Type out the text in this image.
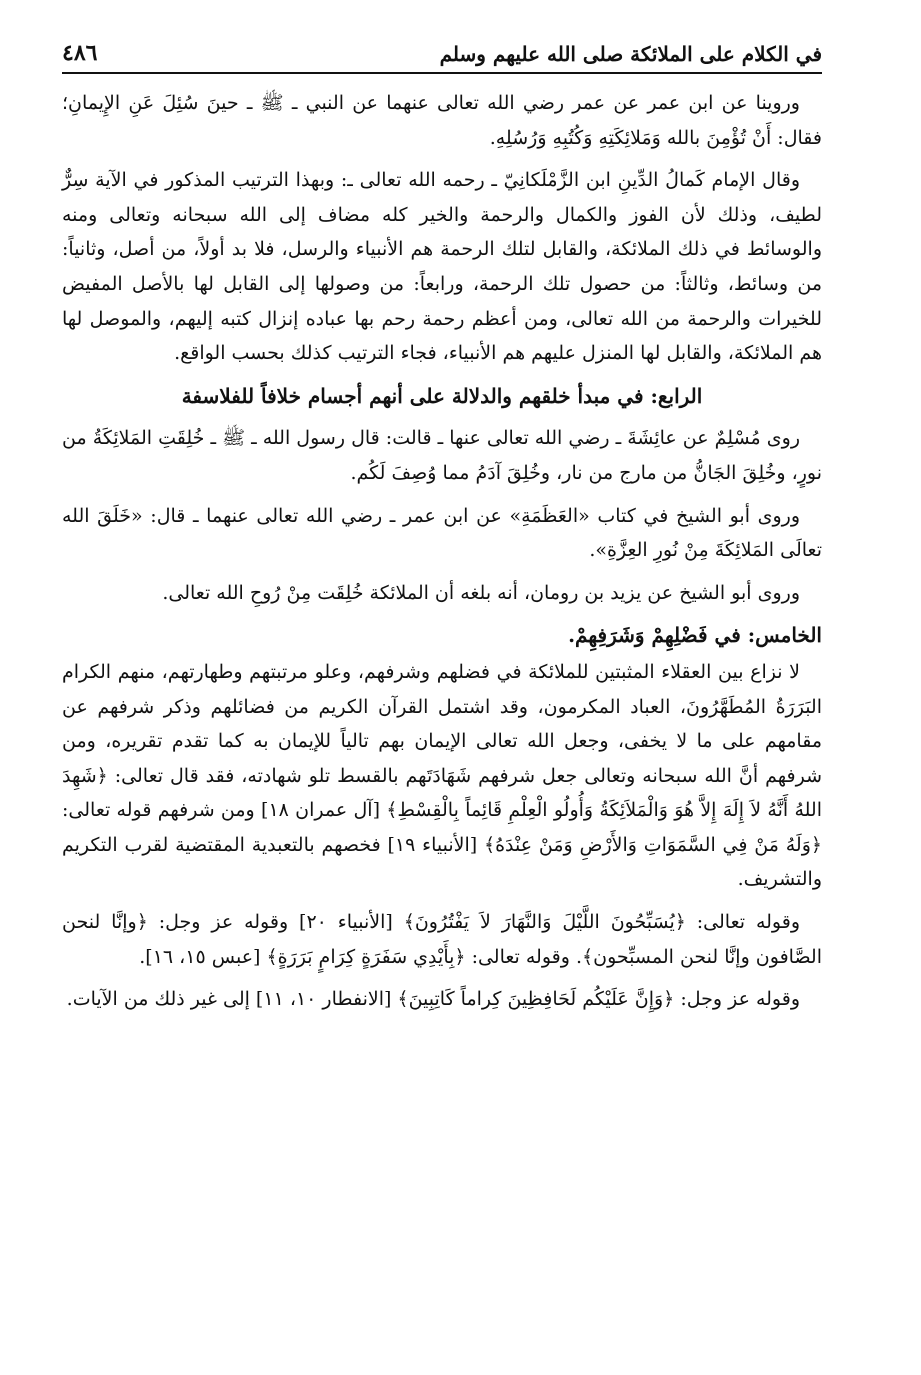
في الكلام على الملائكة صلى الله عليهم وسلم
٤٨٦

وروينا عن ابن عمر عن عمر رضي الله تعالى عنهما عن النبي ـ ﷺ ـ حينَ سُئِلَ عَنِ الإِيمانِ؛ فقال: أَنْ تُؤْمِنَ بالله وَمَلائِكَتِهِ وَكُتُبِهِ وَرُسُلِهِ.

وقال الإمام كَمالُ الدِّينِ ابن الزَّمْلَكانِيّ ـ رحمه الله تعالى ـ: وبهذا الترتيب المذكور في الآية سِرٌّ لطيف، وذلك لأن الفوز والكمال والرحمة والخير كله مضاف إلى الله سبحانه وتعالى ومنه والوسائط في ذلك الملائكة، والقابل لتلك الرحمة هم الأنبياء والرسل، فلا بد أولاً، من أصل، وثانياً: من وسائط، وثالثاً: من حصول تلك الرحمة، ورابعاً: من وصولها إلى القابل لها بالأصل المفيض للخيرات والرحمة من الله تعالى، ومن أعظم رحمة رحم بها عباده إنزال كتبه إليهم، والموصل لها هم الملائكة، والقابل لها المنزل عليهم هم الأنبياء، فجاء الترتيب كذلك بحسب الواقع.

الرابع: في مبدأ خلقهم والدلالة على أنهم أجسام خلافاً للفلاسفة

روى مُسْلِمٌ عن عائِشَةَ ـ رضي الله تعالى عنها ـ قالت: قال رسول الله ـ ﷺ ـ خُلِقَتِ المَلائِكَةُ من نورٍ، وخُلِقَ الجَانُّ من مارج من نار، وخُلِقَ آدَمُ مما وُصِفَ لَكُم.

وروى أبو الشيخ في كتاب «العَظَمَةِ» عن ابن عمر ـ رضي الله تعالى عنهما ـ قال: «خَلَقَ الله تعالَى المَلائِكَةَ مِنْ نُورِ العِزَّةِ».

وروى أبو الشيخ عن يزيد بن رومان، أنه بلغه أن الملائكة خُلِقَت مِنْ رُوحِ الله تعالى.

الخامس: في فَضْلِهِمْ وَشَرَفِهِمْ.

لا نزاع بين العقلاء المثبتين للملائكة في فضلهم وشرفهم، وعلو مرتبتهم وطهارتهم، منهم الكرام البَرَرَةُ المُطَهَّرُونَ، العباد المكرمون، وقد اشتمل القرآن الكريم من فضائلهم وذكر شرفهم عن مقامهم على ما لا يخفى، وجعل الله تعالى الإيمان بهم تالياً للإيمان به كما تقدم تقريره، ومن شرفهم أنَّ الله سبحانه وتعالى جعل شرفهم شَهَادَتَهم بالقسط تلو شهادته، فقد قال تعالى: ﴿شَهِدَ اللهُ أَنَّهُ لاَ إِلَهَ إِلاَّ هُوَ وَالْمَلاَئِكَةُ وَأُولُو الْعِلْمِ قَائِماً بِالْقِسْطِ﴾ [آل عمران ١٨] ومن شرفهم قوله تعالى: ﴿وَلَهُ مَنْ فِي السَّمَوَاتِ وَالأَرْضِ وَمَنْ عِنْدَهُ﴾ [الأنبياء ١٩] فخصهم بالتعبدية المقتضية لقرب التكريم والتشريف.

وقوله تعالى: ﴿يُسَبِّحُونَ اللَّيْلَ وَالنَّهَارَ لاَ يَفْتُرُونَ﴾ [الأنبياء ٢٠] وقوله عز وجل: ﴿وإنَّا لنحن الصَّافون وإنَّا لنحن المسبِّحون﴾. وقوله تعالى: ﴿بِأَيْدِي سَفَرَةٍ كِرَامٍ بَرَرَةٍ﴾ [عبس ١٥، ١٦].

وقوله عز وجل: ﴿وَإِنَّ عَلَيْكُم لَحَافِظِينَ كِراماً كَاتِبِينَ﴾ [الانفطار ١٠، ١١] إلى غير ذلك من الآيات.
